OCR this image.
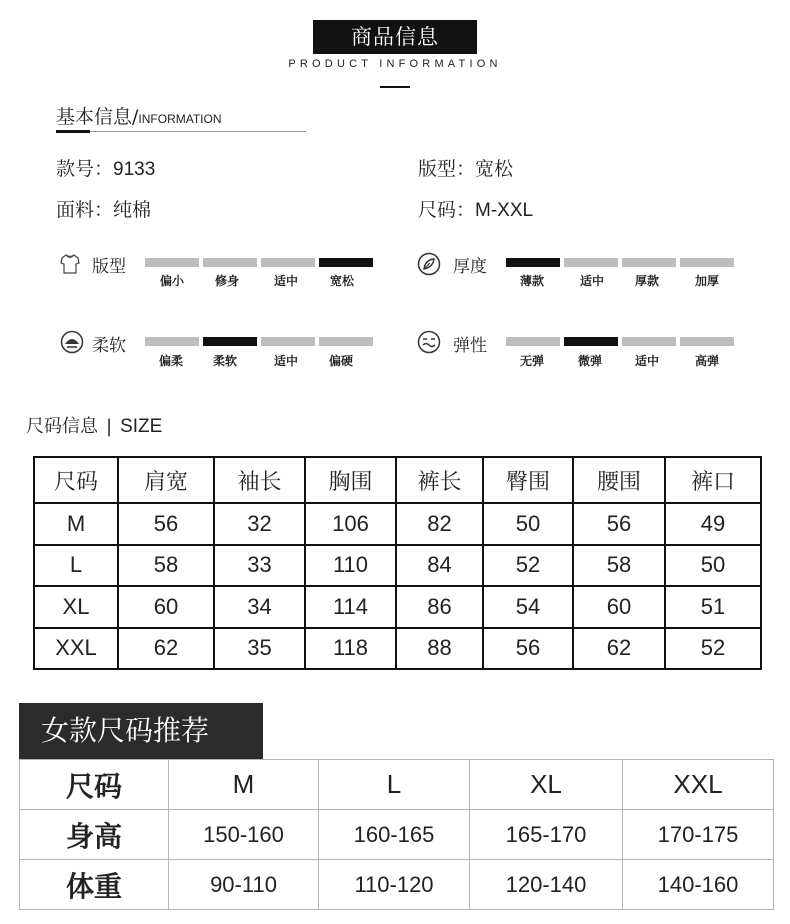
商品信息
PRODUCT INFORMATION
基本信息/INFORMATION
款号：9133	版型：宽松
面料：纯棉	尺码：M-XXL
版型
偏小	修身	适中	宽松
厚度
薄款	适中	厚款	加厚
柔软
偏柔	柔软	适中	偏硬
弹性
无弹	微弹	适中	高弹
尺码信息 | SIZE
尺码	肩宽	袖长	胸围	裤长	臀围	腰围	裤口
M	56	32	106	82	50	56	49
L	58	33	110	84	52	58	50
XL	60	34	114	86	54	60	51
XXL	62	35	118	88	56	62	52
女款尺码推荐
尺码	M	L	XL	XXL
身高	150-160	160-165	165-170	170-175
体重	90-110	110-120	120-140	140-160
